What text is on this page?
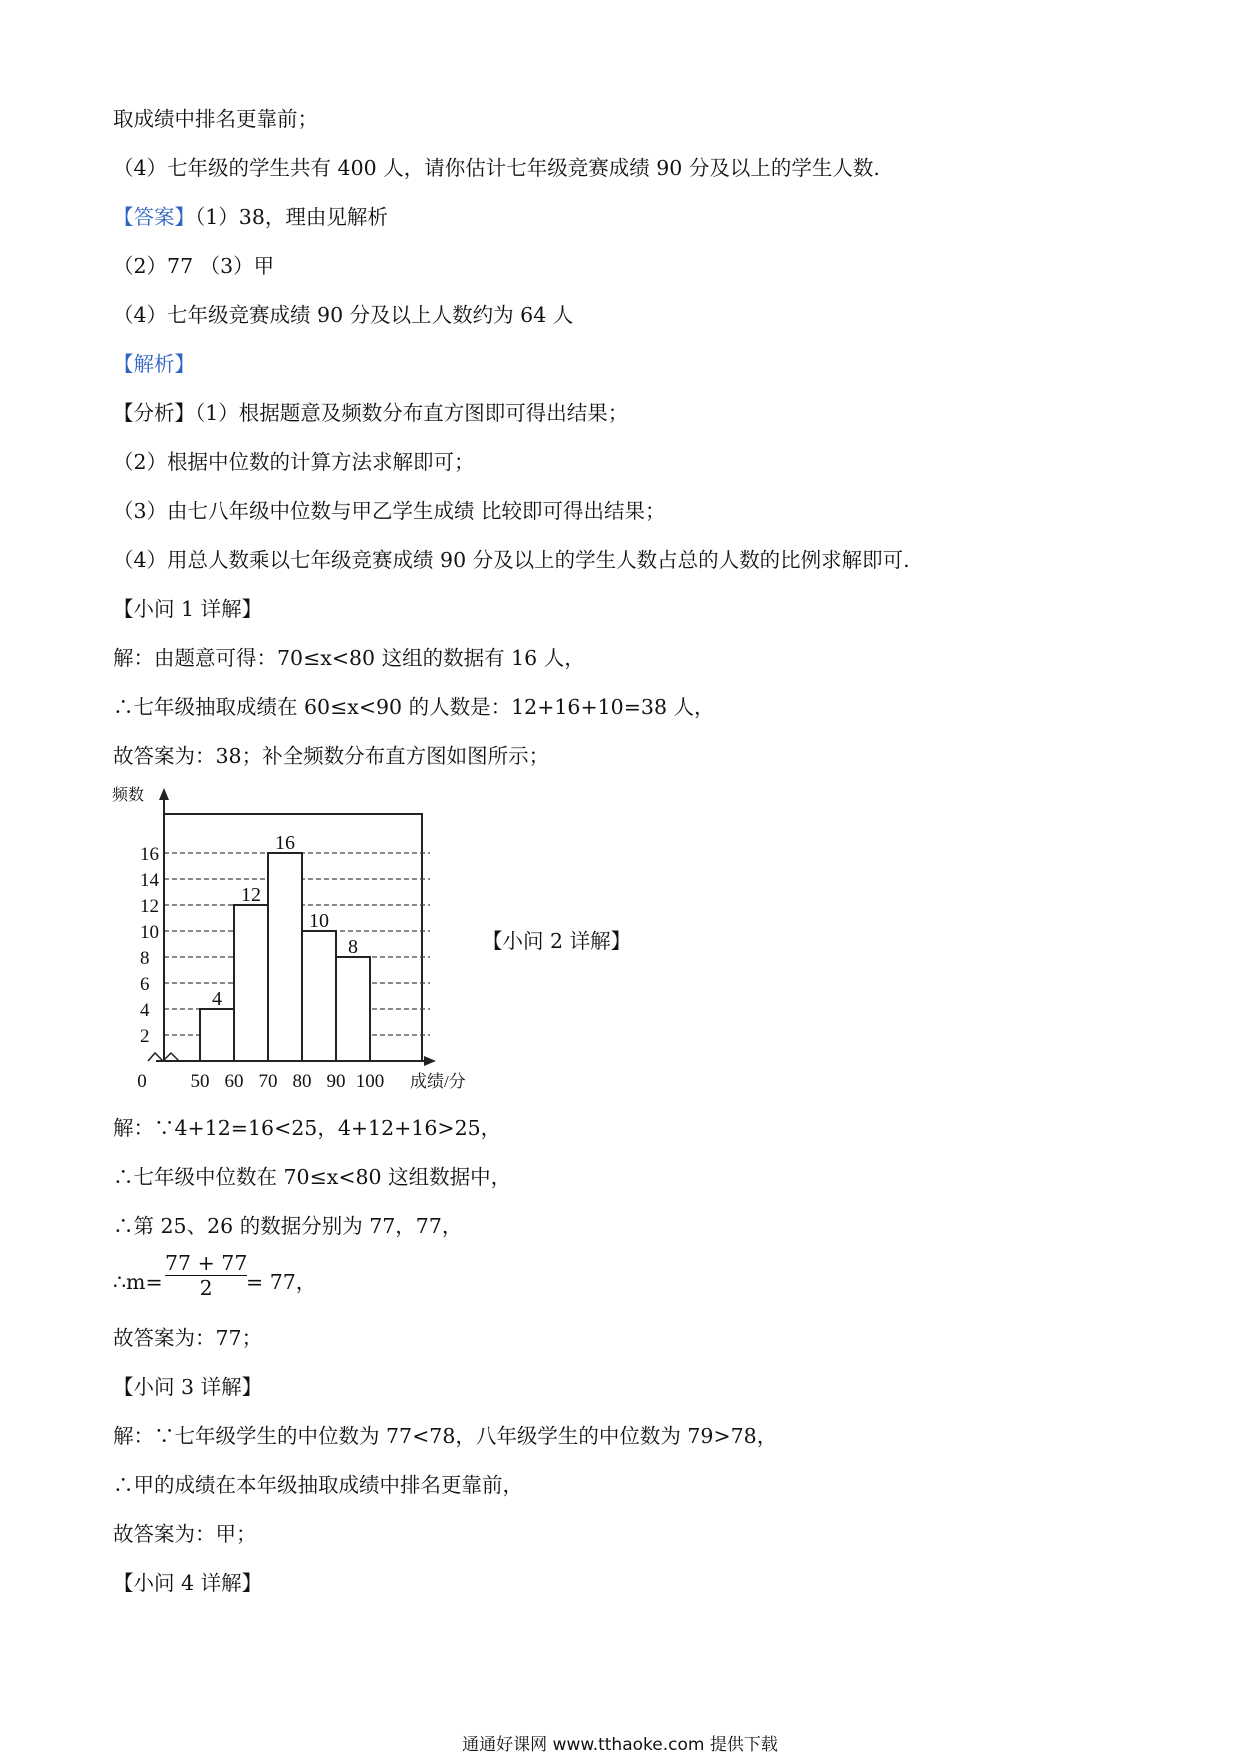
取成绩中排名更靠前；
（4）七年级的学生共有 400 人，请你估计七年级竞赛成绩 90 分及以上的学生人数.
【答案】（1）38，理由见解析
（2）77 （3）甲
（4）七年级竞赛成绩 90 分及以上人数约为 64 人
【解析】
【分析】（1）根据题意及频数分布直方图即可得出结果；
（2）根据中位数的计算方法求解即可；
（3）由七八年级中位数与甲乙学生成绩 比较即可得出结果；
（4）用总人数乘以七年级竞赛成绩 90 分及以上的学生人数占总的人数的比例求解即可.
【小问 1 详解】
解：由题意可得：70≤x<80 这组的数据有 16 人，
∴七年级抽取成绩在 60≤x<90 的人数是：12+16+10=38 人，
故答案为：38；补全频数分布直方图如图所示；
2
4
6
8
10
12
14
16
4
12
16
10
8
0 50 60 70 80 90 100
频数
成绩/分
【小问 2 详解】
解：∵4+12=16<25，4+12+16>25，
∴七年级中位数在 70≤x<80 这组数据中，
∴第 25、26 的数据分别为 77，77，
∴m=
77 + 77
2	= 77，
故答案为：77；
【小问 3 详解】
解：∵七年级学生的中位数为 77<78，八年级学生的中位数为 79>78，
∴甲的成绩在本年级抽取成绩中排名更靠前，
故答案为：甲；
【小问 4 详解】
通通好课网 www.tthaoke.com 提供下载
